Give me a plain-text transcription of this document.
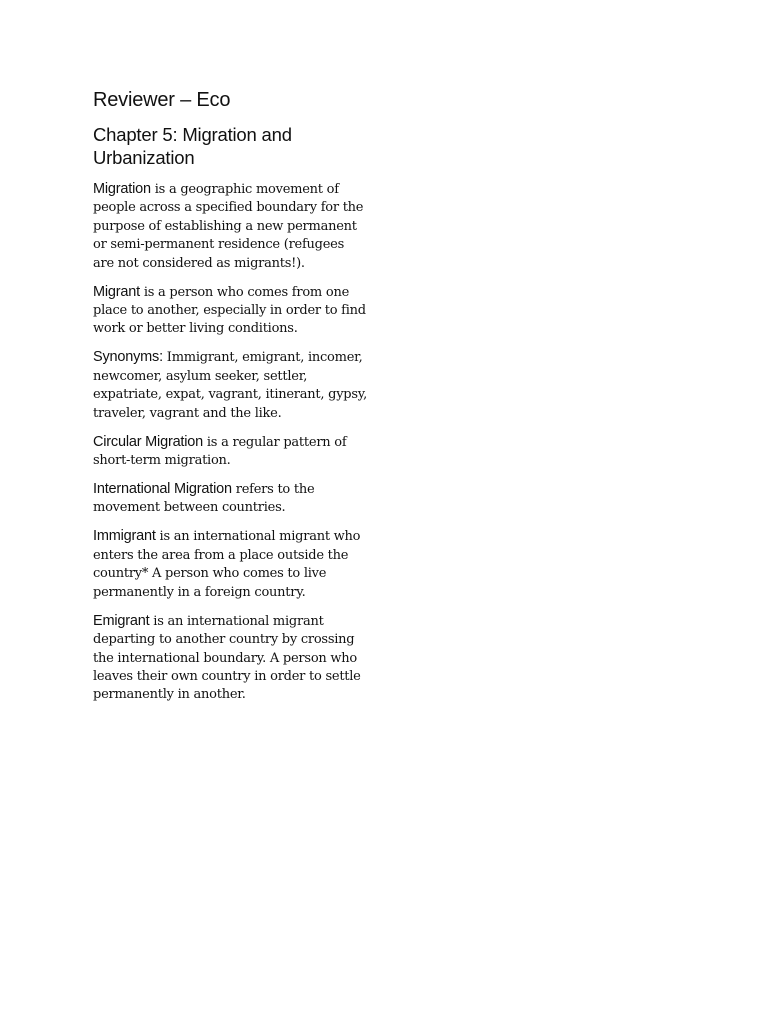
Reviewer – Eco
Chapter 5: Migration and Urbanization

Migration is a geographic movement of people across a specified boundary for the purpose of establishing a new permanent or semi-permanent residence (refugees are not considered as migrants!).

Migrant is a person who comes from one place to another, especially in order to find work or better living conditions.

Synonyms: Immigrant, emigrant, incomer, newcomer, asylum seeker, settler, expatriate, expat, vagrant, itinerant, gypsy, traveler, vagrant and the like.

Circular Migration is a regular pattern of short-term migration.

International Migration refers to the movement between countries.

Immigrant is an international migrant who enters the area from a place outside the country* A person who comes to live permanently in a foreign country.

Emigrant is an international migrant departing to another country by crossing the international boundary. A person who leaves their own country in order to settle permanently in another.
